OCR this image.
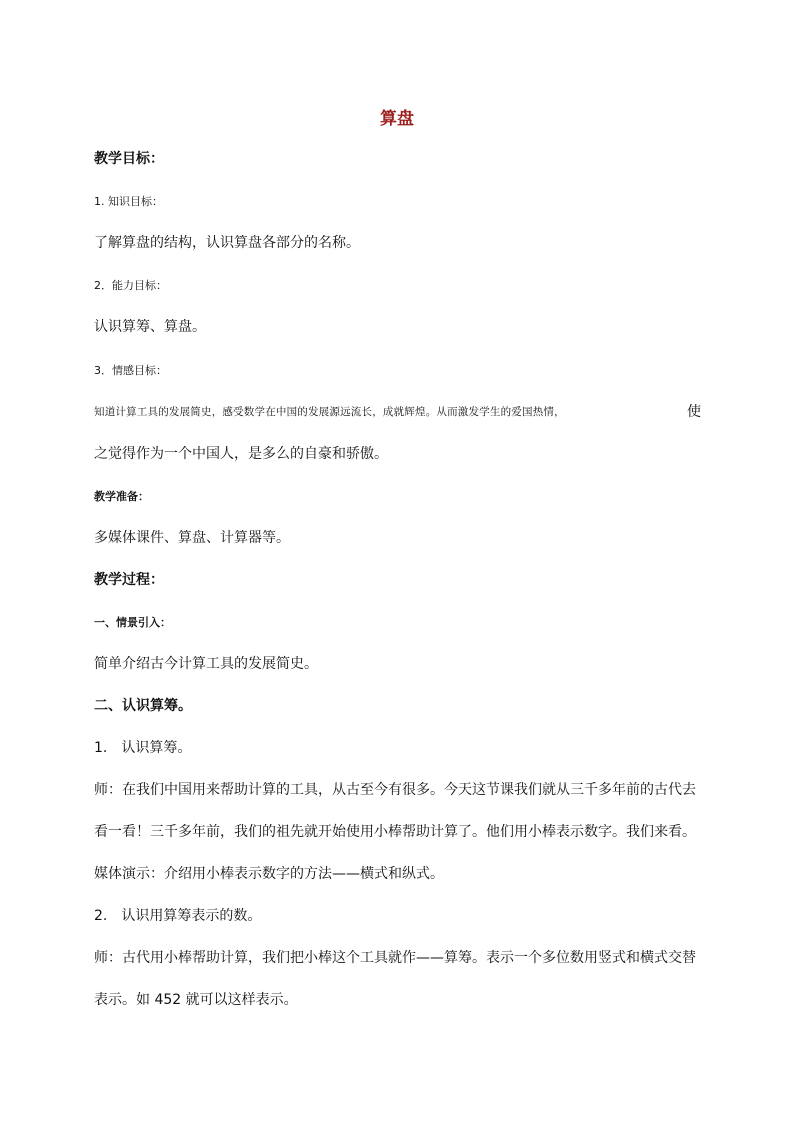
算盘

教学目标：

1. 知识目标：

了解算盘的结构，认识算盘各部分的名称。

2．能力目标：

认识算筹、算盘。

3．情感目标：

知道计算工具的发展简史，感受数学在中国的发展源远流长，成就辉煌。从而激发学生的爱国热情，	使

之觉得作为一个中国人，是多么的自豪和骄傲。

教学准备：

多媒体课件、算盘、计算器等。

教学过程：

一、情景引入：

简单介绍古今计算工具的发展简史。

二、认识算筹。

1.　认识算筹。

师：在我们中国用来帮助计算的工具，从古至今有很多。今天这节课我们就从三千多年前的古代去

看一看！三千多年前，我们的祖先就开始使用小棒帮助计算了。他们用小棒表示数字。我们来看。

媒体演示：介绍用小棒表示数字的方法——横式和纵式。

2.　认识用算筹表示的数。

师：古代用小棒帮助计算，我们把小棒这个工具就作——算筹。表示一个多位数用竖式和横式交替

表示。如 452 就可以这样表示。
